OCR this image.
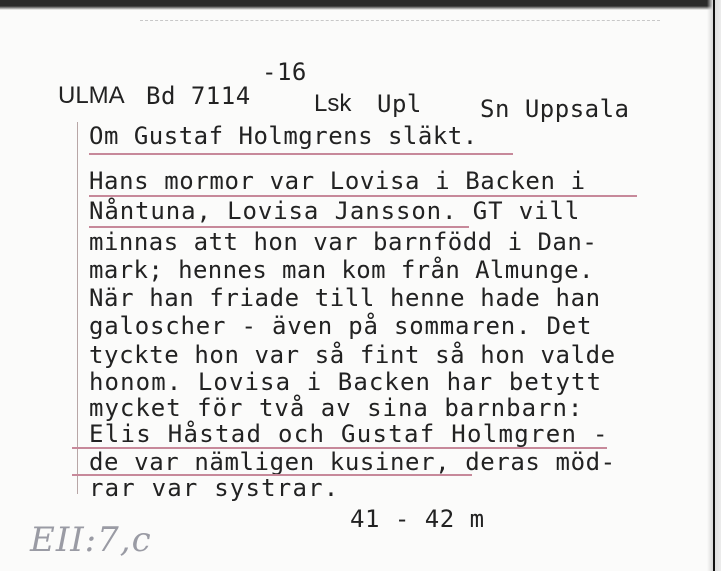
-16
ULMA Bd 7114	Lsk Upl Sn Uppsala
Om Gustaf Holmgrens släkt.
Hans mormor var Lovisa i Backen i
Nåntuna, Lovisa Jansson. GT vill
minnas att hon var barnfödd i Dan-
mark; hennes man kom från Almunge.
När han friade till henne hade han
galoscher - även på sommaren. Det
tyckte hon var så fint så hon valde
honom. Lovisa i Backen har betytt
mycket för två av sina barnbarn:
Elis Håstad och Gustaf Holmgren -
de var nämligen kusiner, deras möd-
rar var systrar.
41 - 42 m
EII:7,c
